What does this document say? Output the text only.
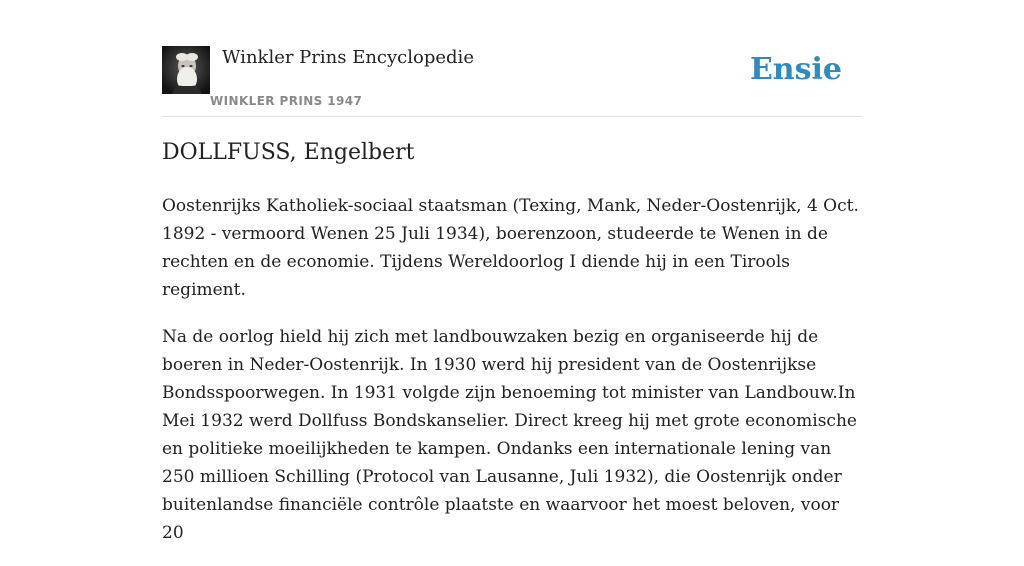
Winkler Prins Encyclopedie
WINKLER PRINS 1947
Ensie
DOLLFUSS, Engelbert

Oostenrijks Katholiek-sociaal staatsman (Texing, Mank, Neder-Oostenrijk, 4 Oct. 1892 - vermoord Wenen 25 Juli 1934), boerenzoon, studeerde te Wenen in de rechten en de economie. Tijdens Wereldoorlog I diende hij in een Tirools regiment.

Na de oorlog hield hij zich met landbouwzaken bezig en organiseerde hij de boeren in Neder-Oostenrijk. In 1930 werd hij president van de Oostenrijkse Bondsspoorwegen. In 1931 volgde zijn benoeming tot minister van Landbouw.In Mei 1932 werd Dollfuss Bondskanselier. Direct kreeg hij met grote economische en politieke moeilijkheden te kampen. Ondanks een internationale lening van 250 millioen Schilling (Protocol van Lausanne, Juli 1932), die Oostenrijk onder buitenlandse financiële contrôle plaatste en waarvoor het moest beloven, voor 20
